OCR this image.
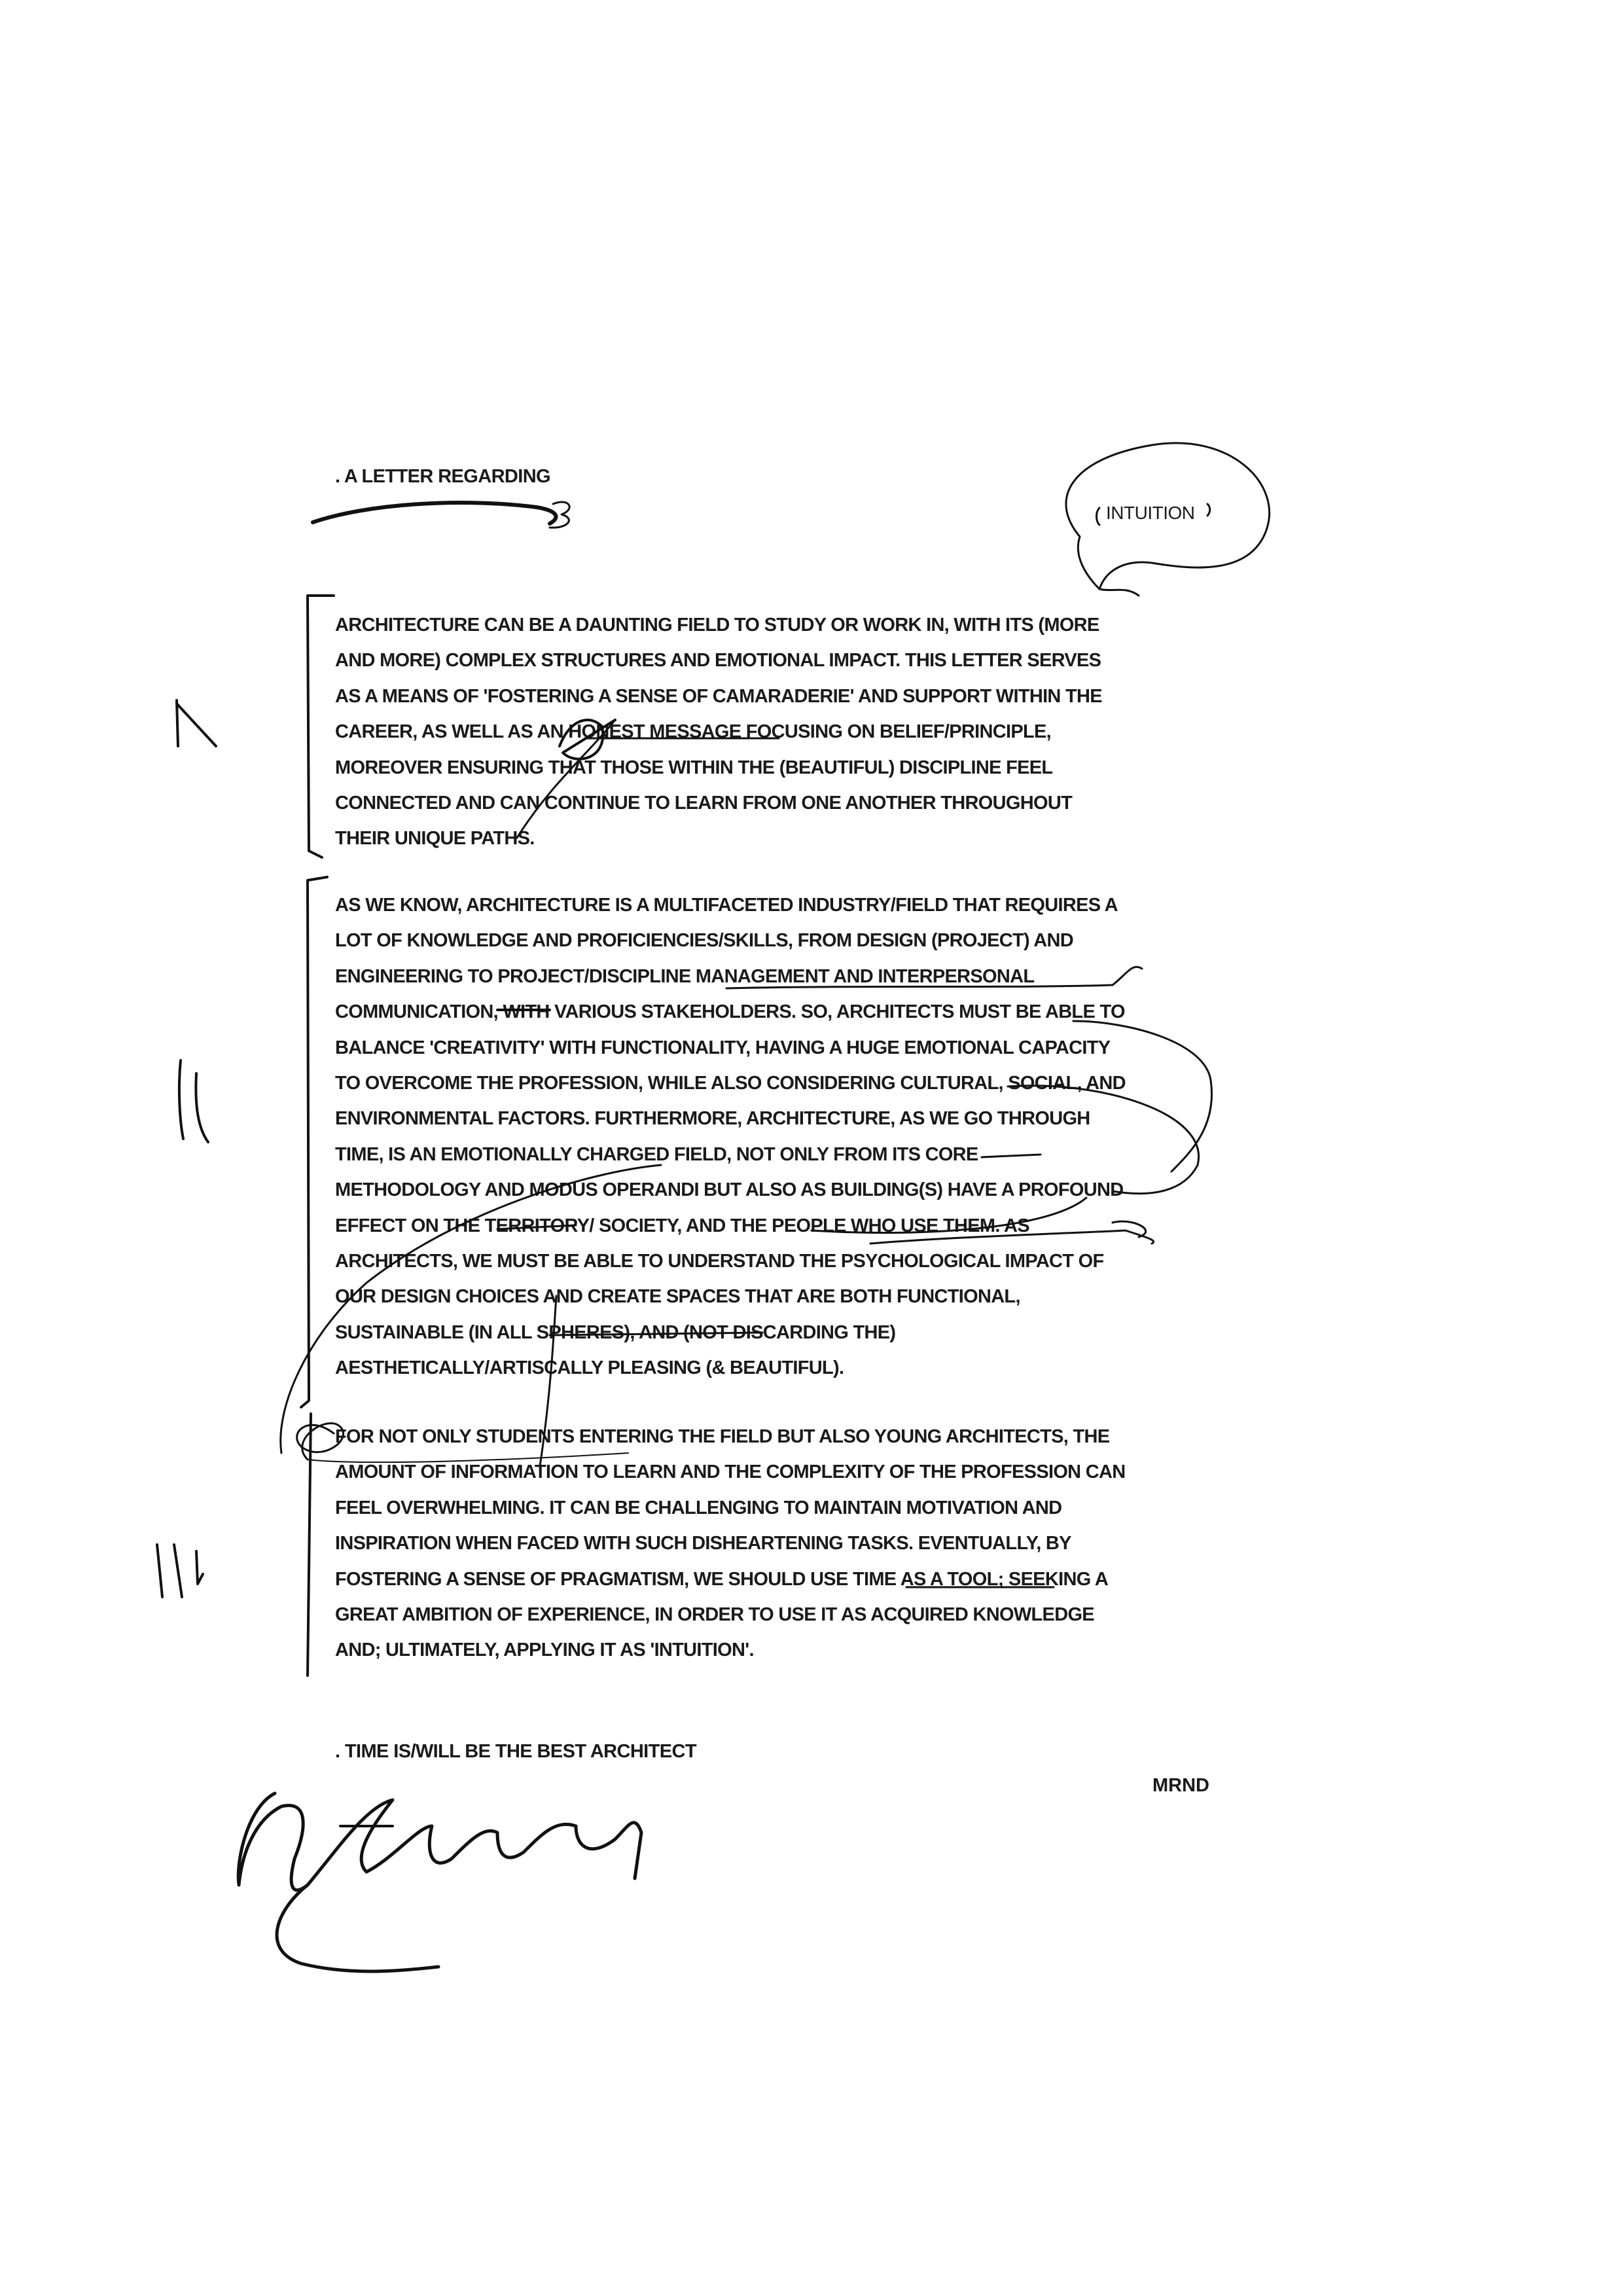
. A LETTER REGARDING
INTUITION
ARCHITECTURE CAN BE A DAUNTING FIELD TO STUDY OR WORK IN, WITH ITS (MORE
AND MORE) COMPLEX STRUCTURES AND EMOTIONAL IMPACT. THIS LETTER SERVES
AS A MEANS OF 'FOSTERING A SENSE OF CAMARADERIE' AND SUPPORT WITHIN THE
CAREER, AS WELL AS AN HONEST MESSAGE FOCUSING ON BELIEF/PRINCIPLE,
MOREOVER ENSURING THAT THOSE WITHIN THE (BEAUTIFUL) DISCIPLINE FEEL
CONNECTED AND CAN CONTINUE TO LEARN FROM ONE ANOTHER THROUGHOUT
THEIR UNIQUE PATHS.
AS WE KNOW, ARCHITECTURE IS A MULTIFACETED INDUSTRY/FIELD THAT REQUIRES A
LOT OF KNOWLEDGE AND PROFICIENCIES/SKILLS, FROM DESIGN (PROJECT) AND
ENGINEERING TO PROJECT/DISCIPLINE MANAGEMENT AND INTERPERSONAL
COMMUNICATION, WITH VARIOUS STAKEHOLDERS. SO, ARCHITECTS MUST BE ABLE TO
BALANCE 'CREATIVITY' WITH FUNCTIONALITY, HAVING A HUGE EMOTIONAL CAPACITY
TO OVERCOME THE PROFESSION, WHILE ALSO CONSIDERING CULTURAL, SOCIAL, AND
ENVIRONMENTAL FACTORS. FURTHERMORE, ARCHITECTURE, AS WE GO THROUGH
TIME, IS AN EMOTIONALLY CHARGED FIELD, NOT ONLY FROM ITS CORE
METHODOLOGY AND MODUS OPERANDI BUT ALSO AS BUILDING(S) HAVE A PROFOUND
EFFECT ON THE TERRITORY/ SOCIETY, AND THE PEOPLE WHO USE THEM. AS
ARCHITECTS, WE MUST BE ABLE TO UNDERSTAND THE PSYCHOLOGICAL IMPACT OF
OUR DESIGN CHOICES AND CREATE SPACES THAT ARE BOTH FUNCTIONAL,
SUSTAINABLE (IN ALL SPHERES), AND (NOT DISCARDING THE)
AESTHETICALLY/ARTISCALLY PLEASING (& BEAUTIFUL).
FOR NOT ONLY STUDENTS ENTERING THE FIELD BUT ALSO YOUNG ARCHITECTS, THE
AMOUNT OF INFORMATION TO LEARN AND THE COMPLEXITY OF THE PROFESSION CAN
FEEL OVERWHELMING. IT CAN BE CHALLENGING TO MAINTAIN MOTIVATION AND
INSPIRATION WHEN FACED WITH SUCH DISHEARTENING TASKS. EVENTUALLY, BY
FOSTERING A SENSE OF PRAGMATISM, WE SHOULD USE TIME AS A TOOL; SEEKING A
GREAT AMBITION OF EXPERIENCE, IN ORDER TO USE IT AS ACQUIRED KNOWLEDGE
AND; ULTIMATELY, APPLYING IT AS 'INTUITION'.
. TIME IS/WILL BE THE BEST ARCHITECT
MRND
